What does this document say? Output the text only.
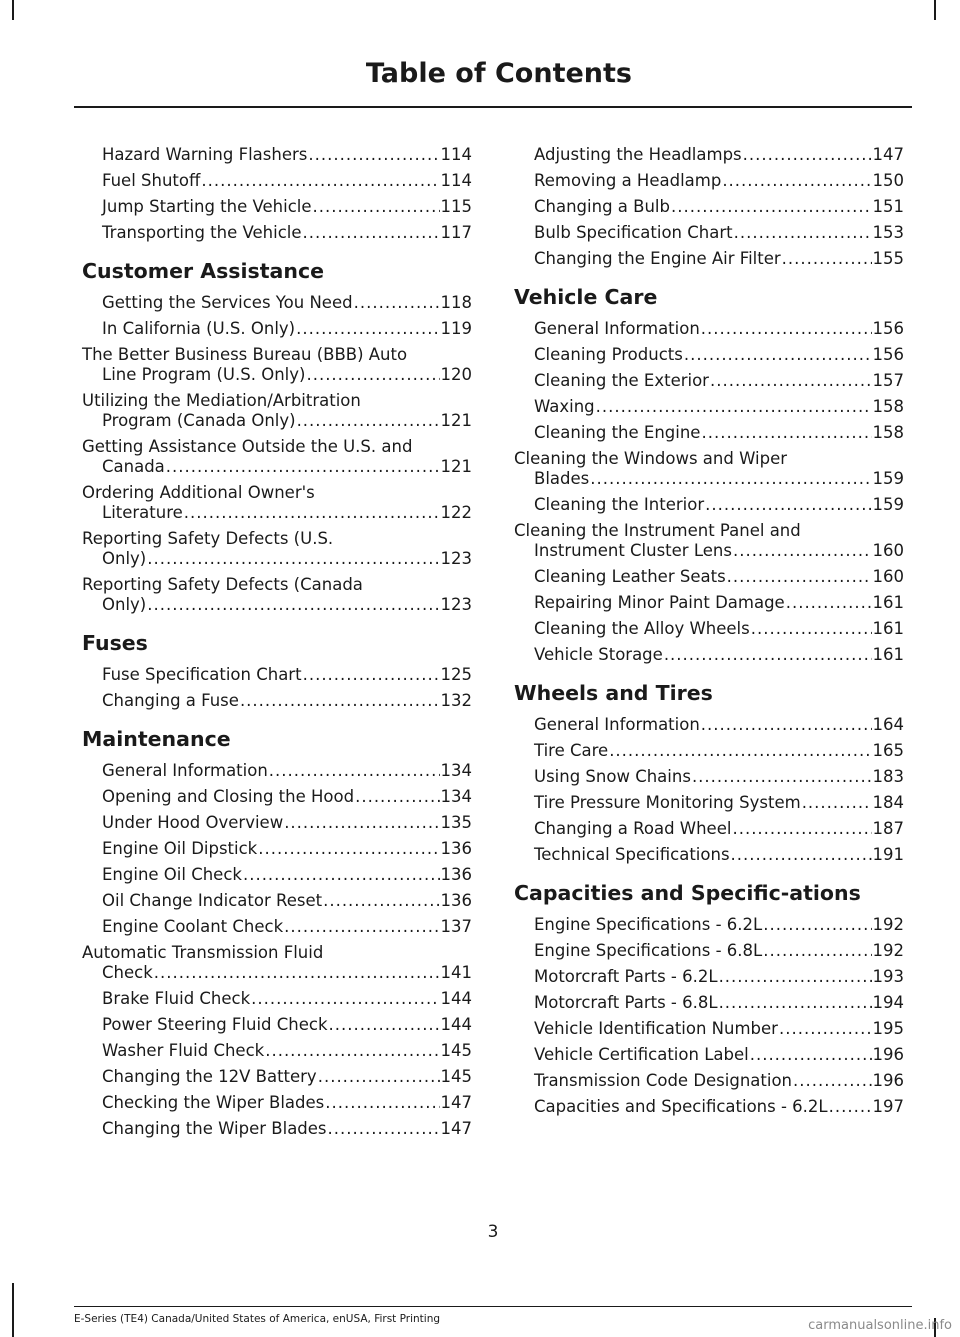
Table of Contents
Hazard Warning Flashers .....	114
Fuel Shutoff .....	114
Jump Starting the Vehicle .....	115
Transporting the Vehicle .....	117
Customer Assistance
Getting the Services You Need .....	118
In California (U.S. Only) .....	119
The Better Business Bureau (BBB) Auto
Line Program (U.S. Only) .....	120
Utilizing the Mediation/Arbitration
Program (Canada Only) .....	121
Getting Assistance Outside the U.S. and
Canada .....	121
Ordering Additional Owner's
Literature .....	122
Reporting Safety Defects (U.S.
Only) .....	123
Reporting Safety Defects (Canada
Only) .....	123
Fuses
Fuse Specification Chart .....	125
Changing a Fuse .....	132
Maintenance
General Information .....	134
Opening and Closing the Hood .....	134
Under Hood Overview .....	135
Engine Oil Dipstick .....	136
Engine Oil Check .....	136
Oil Change Indicator Reset .....	136
Engine Coolant Check .....	137
Automatic Transmission Fluid
Check .....	141
Brake Fluid Check .....	144
Power Steering Fluid Check .....	144
Washer Fluid Check .....	145
Changing the 12V Battery .....	145
Checking the Wiper Blades .....	147
Changing the Wiper Blades .....	147
Adjusting the Headlamps .....	147
Removing a Headlamp .....	150
Changing a Bulb .....	151
Bulb Specification Chart .....	153
Changing the Engine Air Filter .....	155
Vehicle Care
General Information .....	156
Cleaning Products .....	156
Cleaning the Exterior .....	157
Waxing .....	158
Cleaning the Engine .....	158
Cleaning the Windows and Wiper
Blades .....	159
Cleaning the Interior .....	159
Cleaning the Instrument Panel and
Instrument Cluster Lens .....	160
Cleaning Leather Seats .....	160
Repairing Minor Paint Damage .....	161
Cleaning the Alloy Wheels .....	161
Vehicle Storage .....	161
Wheels and Tires
General Information .....	164
Tire Care .....	165
Using Snow Chains .....	183
Tire Pressure Monitoring System .....	184
Changing a Road Wheel .....	187
Technical Specifications .....	191
Capacities and Specific-ations
Engine Specifications - 6.2L .....	192
Engine Specifications - 6.8L .....	192
Motorcraft Parts - 6.2L .....	193
Motorcraft Parts - 6.8L .....	194
Vehicle Identification Number .....	195
Vehicle Certification Label .....	196
Transmission Code Designation .....	196
Capacities and Specifications - 6.2L .....	197
3
E-Series (TE4) Canada/United States of America, enUSA, First Printing	carmanualsonline.info
